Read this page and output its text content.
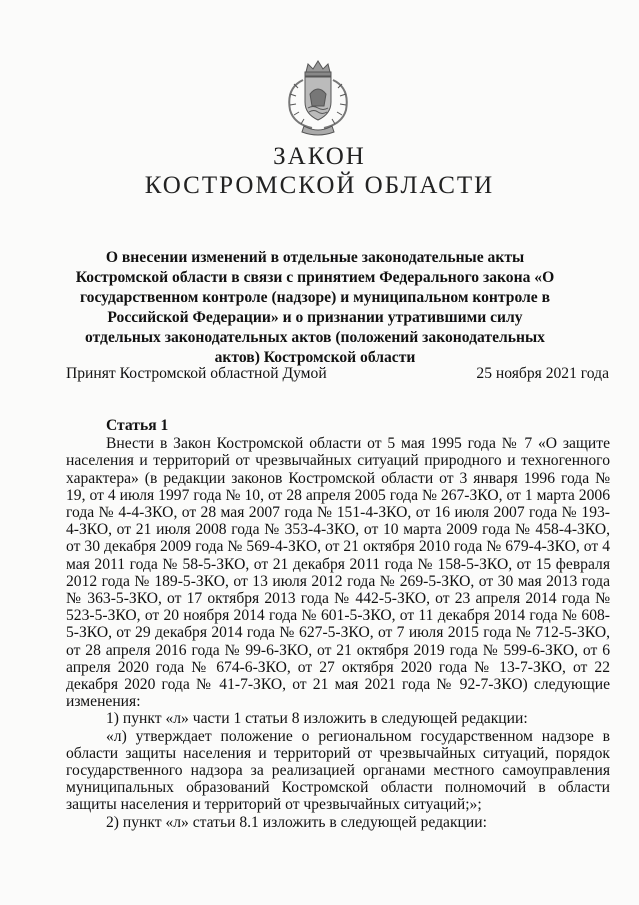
ЗАКОН
КОСТРОМСКОЙ ОБЛАСТИ
О внесении изменений в отдельные законодательные акты Костромской области в связи с принятием Федерального закона «О государственном контроле (надзоре) и муниципальном контроле в Российской Федерации» и о признании утратившими силу отдельных законодательных актов (положений законодательных актов) Костромской области
Принят Костромской областной Думой	25 ноября 2021 года

Статья 1

Внести в Закон Костромской области от 5 мая 1995 года № 7 «О защите населения и территорий от чрезвычайных ситуаций природного и техногенного характера» (в редакции законов Костромской области от 3 января 1996 года № 19, от 4 июля 1997 года № 10, от 28 апреля 2005 года № 267-ЗКО, от 1 марта 2006 года № 4-4-ЗКО, от 28 мая 2007 года № 151-4-ЗКО, от 16 июля 2007 года № 193-4-ЗКО, от 21 июля 2008 года № 353-4-ЗКО, от 10 марта 2009 года № 458-4-ЗКО, от 30 декабря 2009 года № 569-4-ЗКО, от 21 октября 2010 года № 679-4-ЗКО, от 4 мая 2011 года № 58-5-ЗКО, от 21 декабря 2011 года № 158-5-ЗКО, от 15 февраля 2012 года № 189-5-ЗКО, от 13 июля 2012 года № 269-5-ЗКО, от 30 мая 2013 года № 363-5-ЗКО, от 17 октября 2013 года № 442-5-ЗКО, от 23 апреля 2014 года № 523-5-ЗКО, от 20 ноября 2014 года № 601-5-ЗКО, от 11 декабря 2014 года № 608-5-ЗКО, от 29 декабря 2014 года № 627-5-ЗКО, от 7 июля 2015 года № 712-5-ЗКО, от 28 апреля 2016 года № 99-6-ЗКО, от 21 октября 2019 года № 599-6-ЗКО, от 6 апреля 2020 года № 674-6-ЗКО, от 27 октября 2020 года № 13-7-ЗКО, от 22 декабря 2020 года № 41-7-ЗКО, от 21 мая 2021 года № 92-7-ЗКО) следующие изменения:

1) пункт «л» части 1 статьи 8 изложить в следующей редакции:

«л) утверждает положение о региональном государственном надзоре в области защиты населения и территорий от чрезвычайных ситуаций, порядок государственного надзора за реализацией органами местного самоуправления муниципальных образований Костромской области полномочий в области защиты населения и территорий от чрезвычайных ситуаций;»;

2) пункт «л» статьи 8.1 изложить в следующей редакции:
